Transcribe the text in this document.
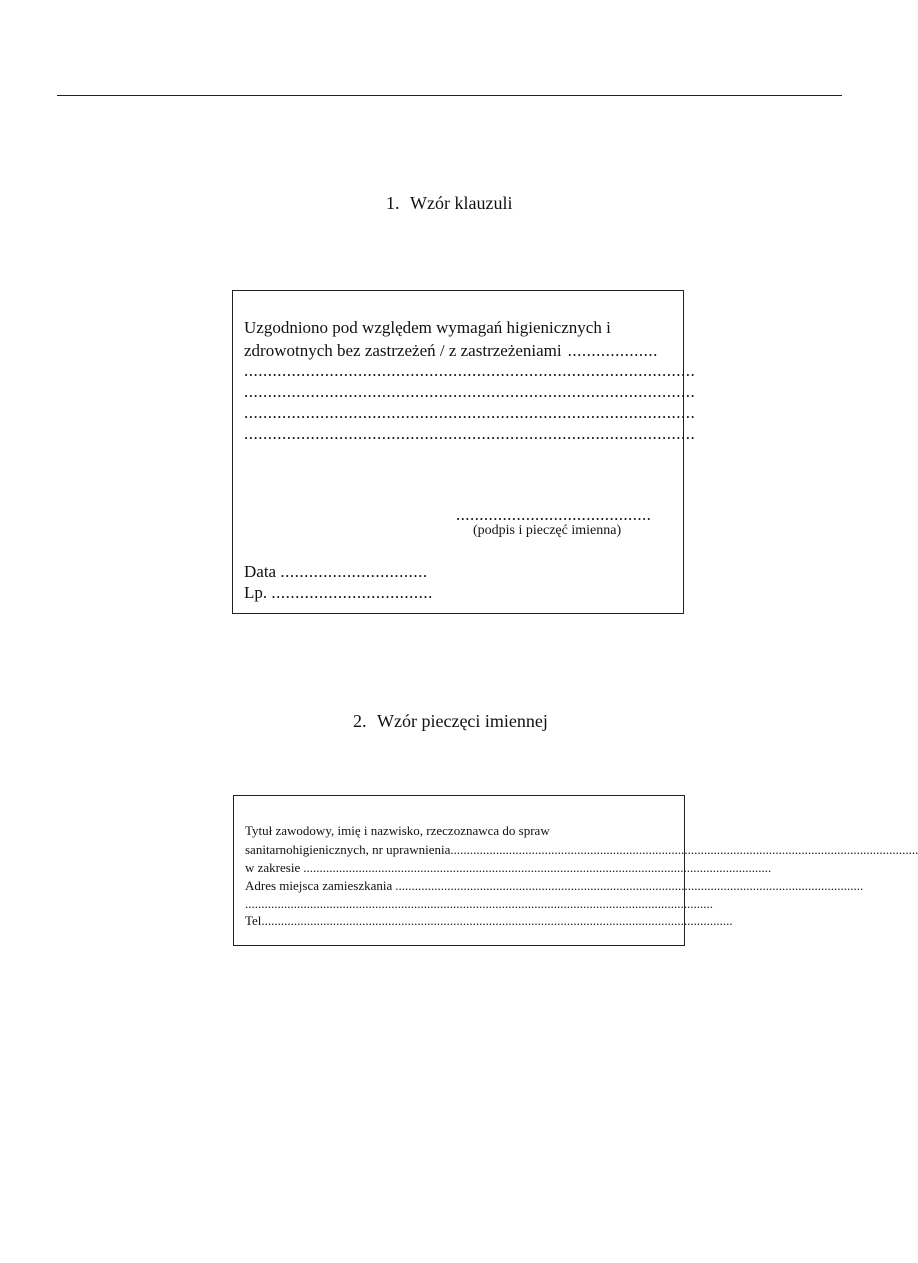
1. Wzór klauzuli
Uzgodniono pod względem wymagań higienicznych i
zdrowotnych bez zastrzeżeń / z zastrzeżeniami ...................
...............................................................................................
...............................................................................................
...............................................................................................
...............................................................................................
..........................................
(podpis i pieczęć imienna)
Data ...............................
Lp. ..................................
2. Wzór pieczęci imiennej
Tytuł zawodowy, imię i nazwisko, rzeczoznawca do spraw
sanitarnohigienicznych, nr uprawnienia ................................................................................................................................................
w zakresie ................................................................................................................................................
Adres miejsca zamieszkania ................................................................................................................................................
................................................................................................................................................
Tel. ................................................................................................................................................
